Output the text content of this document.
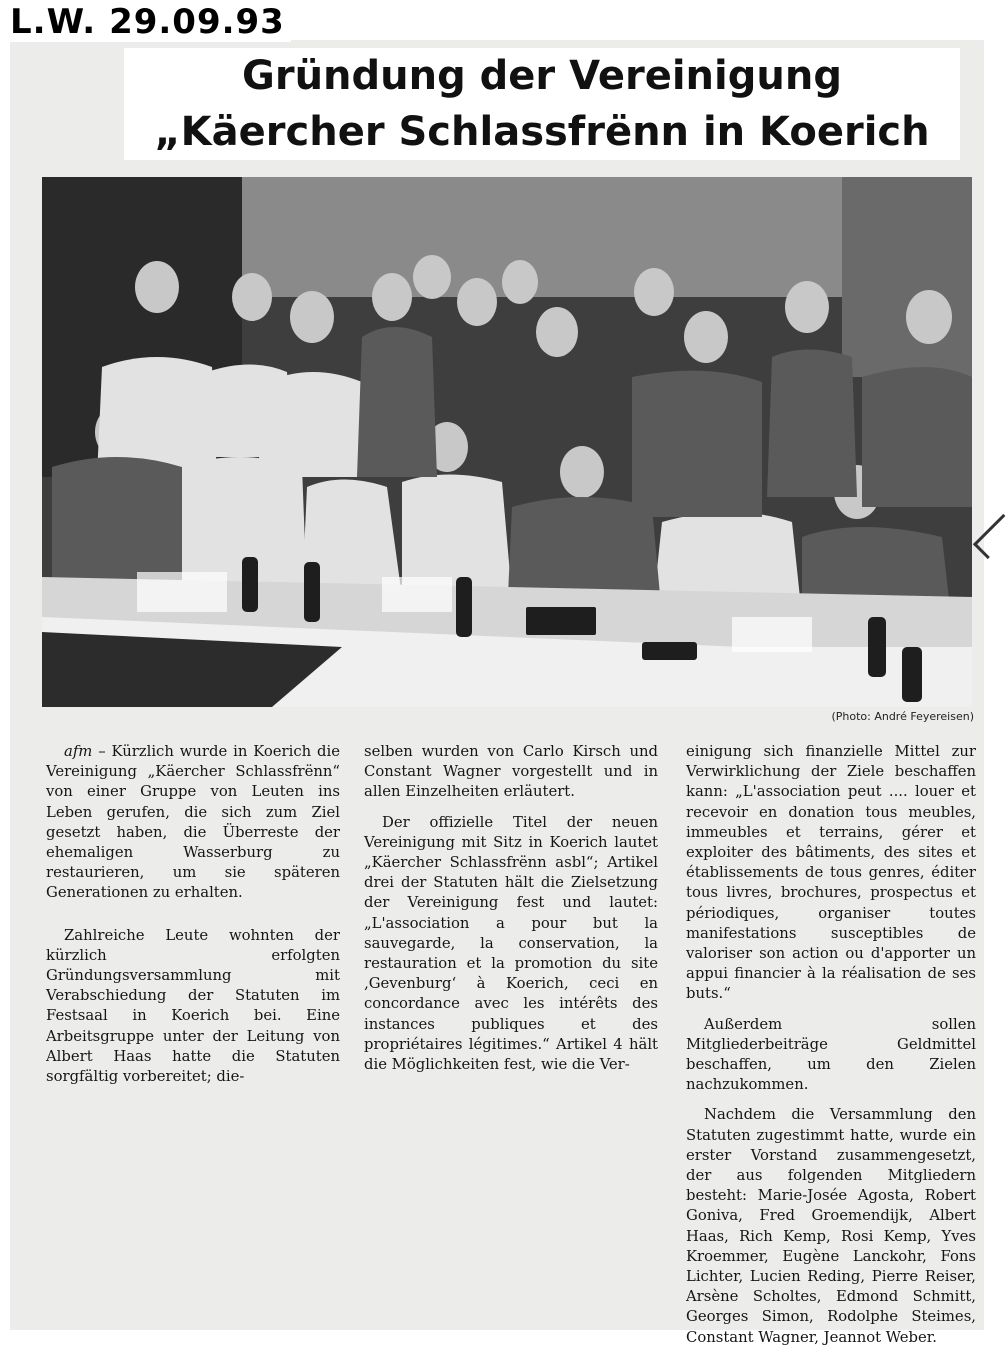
L.W. 29.09.93
Gründung der Vereinigung
„Käercher Schlassfrënn in Koerich
(Photo: André Feyereisen)

afm – Kürzlich wurde in Koerich die Vereinigung „Käercher Schlassfrënn“ von einer Gruppe von Leuten ins Leben gerufen, die sich zum Ziel gesetzt haben, die Überreste der ehemaligen Wasserburg zu restaurieren, um sie späteren Generationen zu erhalten.

Zahlreiche Leute wohnten der kürzlich erfolgten Gründungsversammlung mit Verabschiedung der Statuten im Festsaal in Koerich bei. Eine Arbeitsgruppe unter der Leitung von Albert Haas hatte die Statuten sorgfältig vorbereitet; die-

selben wurden von Carlo Kirsch und Constant Wagner vorgestellt und in allen Einzelheiten erläutert.

Der offizielle Titel der neuen Vereinigung mit Sitz in Koerich lautet „Käercher Schlassfrënn asbl“; Artikel drei der Statuten hält die Zielsetzung der Vereinigung fest und lautet: „L'association a pour but la sauvegarde, la conservation, la restauration et la promotion du site ‚Gevenburg‘ à Koerich, ceci en concordance avec les intérêts des instances publiques et des propriétaires légitimes.“ Artikel 4 hält die Möglichkeiten fest, wie die Ver-

einigung sich finanzielle Mittel zur Verwirklichung der Ziele beschaffen kann: „L'association peut .... louer et recevoir en donation tous meubles, immeubles et terrains, gérer et exploiter des bâtiments, des sites et établissements de tous genres, éditer tous livres, brochures, prospectus et périodiques, organiser toutes manifestations susceptibles de valoriser son action ou d'apporter un appui financier à la réalisation de ses buts.“

Außerdem sollen Mitgliederbeiträge Geldmittel beschaffen, um den Zielen nachzukommen.

Nachdem die Versammlung den Statuten zugestimmt hatte, wurde ein erster Vorstand zusammengesetzt, der aus folgenden Mitgliedern besteht: Marie-Josée Agosta, Robert Goniva, Fred Groemendijk, Albert Haas, Rich Kemp, Rosi Kemp, Yves Kroemmer, Eugène Lanckohr, Fons Lichter, Lucien Reding, Pierre Reiser, Arsène Scholtes, Edmond Schmitt, Georges Simon, Rodolphe Steimes, Constant Wagner, Jeannot Weber.
